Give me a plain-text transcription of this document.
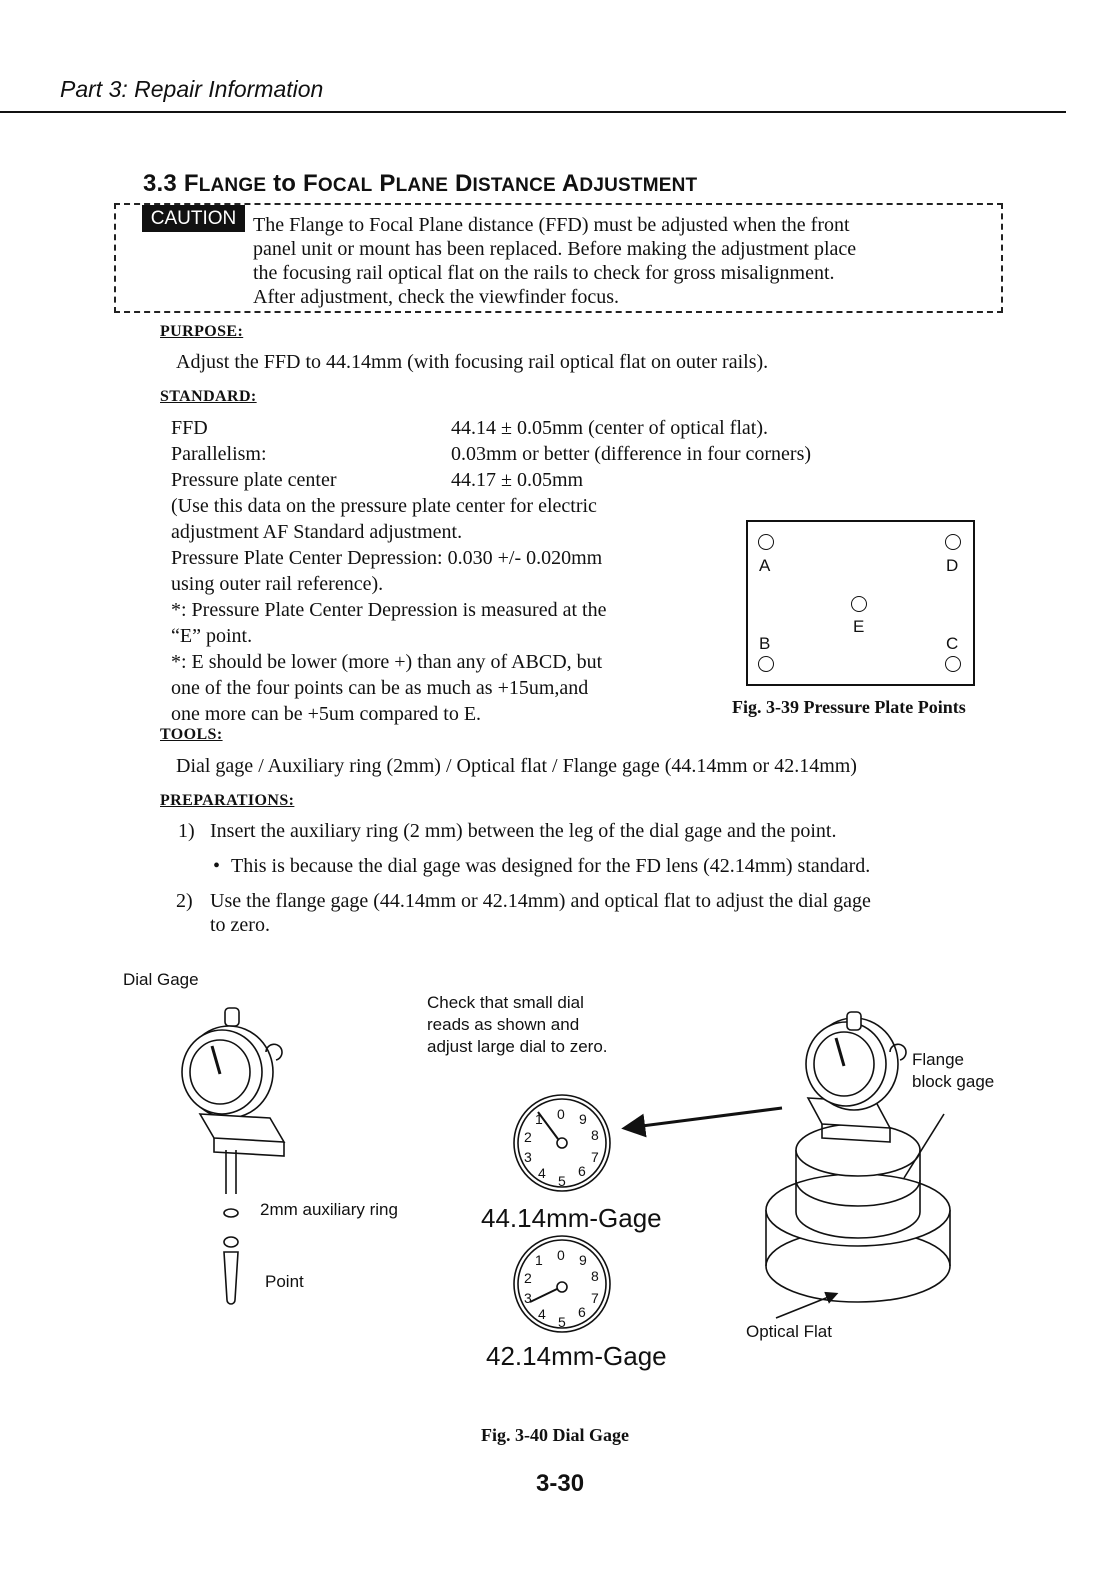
Part 3: Repair Information
3.3 FLANGE to FOCAL PLANE DISTANCE ADJUSTMENT
CAUTION The Flange to Focal Plane distance (FFD) must be adjusted when the front

panel unit or mount has been replaced. Before making the adjustment place

the focusing rail optical flat on the rails to check for gross misalignment.

After adjustment, check the viewfinder focus.

PURPOSE:
Adjust the FFD to 44.14mm (with focusing rail optical flat on outer rails).
STANDARD:
FFD	44.14 ± 0.05mm (center of optical flat).
Parallelism:	0.03mm or better (difference in four corners)
Pressure plate center	44.17 ± 0.05mm
(Use this data on the pressure plate center for electric
adjustment AF Standard adjustment.
Pressure Plate Center Depression: 0.030 +/- 0.020mm
using outer rail reference).
*: Pressure Plate Center Depression is measured at the
“E” point.
*: E should be lower (more +) than any of ABCD, but
one of the four points can be as much as +15um,and
one more can be +5um compared to E.
A	D
E
B	C
Fig. 3-39 Pressure Plate Points
TOOLS:
Dial gage / Auxiliary ring (2mm) / Optical flat / Flange gage (44.14mm or 42.14mm)
PREPARATIONS:
1) Insert the auxiliary ring (2 mm) between the leg of the dial gage and the point.
• This is because the dial gage was designed for the FD lens (42.14mm) standard.
2) Use the flange gage (44.14mm or 42.14mm) and optical flat to adjust the dial gage
to zero.
Dial Gage
Check that small dial
reads as shown and
adjust large dial to zero.
2mm auxiliary ring
Point
Flange
block gage
Optical Flat
44.14mm-Gage
42.14mm-Gage
0 9
8
7
6
5
4
3
2
1
0 9
8
7
6
5
4
3
2
1
Fig. 3-40 Dial Gage
3-30
